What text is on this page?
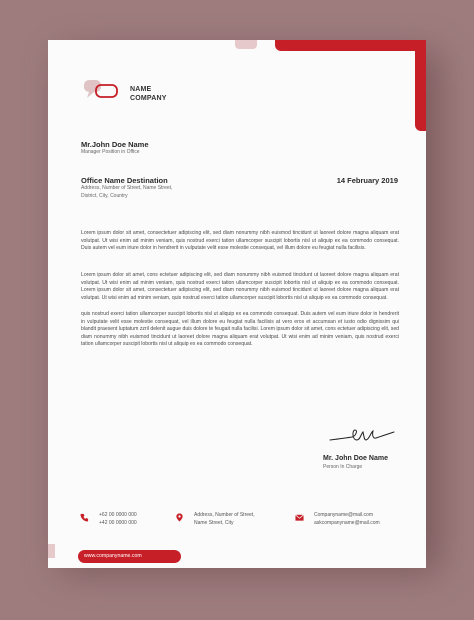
NAME
COMPANY
Mr.John Doe Name
Manager Position in Office
Office Name Destination
Address, Number of Street, Name Street,
District, City, Country
14 February 2019

Lorem ipsum dolor sit amet, consectetuer adipiscing elit, sed diam nonummy nibh euismod tincidunt ut laoreet dolore magna aliquam erat volutpat. Ut wisi enim ad minim veniam, quis nostrud exerci tation ullamcorper suscipit lobortis nisl ut aliquip ex ea commodo consequat. Duis autem vel eum iriure dolor in hendrerit in vulputate velit esse molestie consequat, vel illum dolore eu feugiat nulla facilisis.

Lorem ipsum dolor sit amet, cons ectetuer adipiscing elit, sed diam nonummy nibh euismod tincidunt ut laoreet dolore magna aliquam erat volutpat. Ut wisi enim ad minim veniam, quis nostrud exerci tation ullamcorper suscipit lobortis nisl ut aliquip ex ea commodo consequat. Lorem ipsum dolor sit amet, consectetuer adipiscing elit, sed diam nonummy nibh euismod tincidunt ut laoreet dolore magna aliquam erat volutpat. Ut wisi enim ad minim veniam, quis nostrud exerci tation ullamcorper suscipit lobortis nisl ut aliquip ex ea commodo consequat.

quis nostrud exerci tation ullamcorper suscipit lobortis nisl ut aliquip ex ea commodo consequat. Duis autem vel eum iriure dolor in hendrerit in vulputate velit esse molestie consequat, vel illum dolore eu feugiat nulla facilisis at vero eros et accumsan et iusto odio dignissim qui blandit praesent luptatum zzril delenit augue duis dolore te feugait nulla facilisi. Lorem ipsum dolor sit amet, cons ectetuer adipiscing elit, sed diam nonummy nibh euismod tincidunt ut laoreet dolore magna aliquam erat volutpat. Ut wisi enim ad minim veniam, quis nostrud exerci tation ullamcorper suscipit lobortis nisl ut aliquip ex ea commodo consequat.

Mr. John Doe Name
Person In Charge
+62 00 0000 000
+42 00 0000 000
Address, Number of Street,
Name Street, City
Companyname@mail.com
askcompanyname@mail.com
www.companyname.com
